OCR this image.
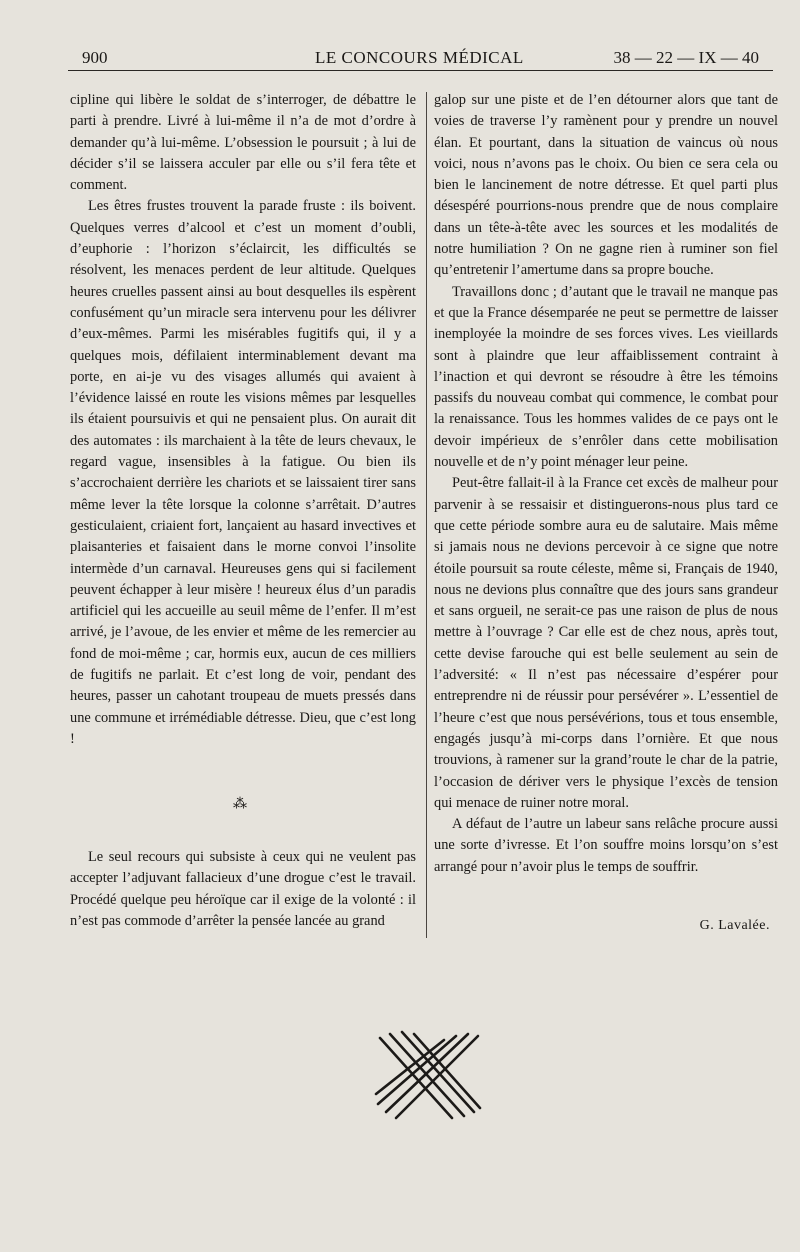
900	LE CONCOURS MÉDICAL	38 — 22 — IX — 40

cipline qui libère le soldat de s’interroger, de débattre le parti à prendre. Livré à lui-même il n’a de mot d’ordre à demander qu’à lui-même. L’obsession le poursuit ; à lui de décider s’il se laissera acculer par elle ou s’il fera tête et comment.

Les êtres frustes trouvent la parade fruste : ils boivent. Quelques verres d’alcool et c’est un moment d’oubli, d’euphorie : l’horizon s’éclaircit, les difficultés se résolvent, les menaces perdent de leur altitude. Quelques heures cruelles passent ainsi au bout desquelles ils espèrent confusément qu’un miracle sera intervenu pour les délivrer d’eux-mêmes. Parmi les misérables fugitifs qui, il y a quelques mois, défilaient interminablement devant ma porte, en ai-je vu des visages allumés qui avaient à l’évidence laissé en route les visions mêmes par lesquelles ils étaient poursuivis et qui ne pensaient plus. On aurait dit des automates : ils marchaient à la tête de leurs chevaux, le regard vague, insensibles à la fatigue. Ou bien ils s’accrochaient derrière les chariots et se laissaient tirer sans même lever la tête lorsque la colonne s’arrêtait. D’autres gesticulaient, criaient fort, lançaient au hasard invectives et plaisanteries et faisaient dans le morne convoi l’insolite intermède d’un carnaval. Heureuses gens qui si facilement peuvent échapper à leur misère ! heureux élus d’un paradis artificiel qui les accueille au seuil même de l’enfer. Il m’est arrivé, je l’avoue, de les envier et même de les remercier au fond de moi-même ; car, hormis eux, aucun de ces milliers de fugitifs ne parlait. Et c’est long de voir, pendant des heures, passer un cahotant troupeau de muets pressés dans une commune et irrémédiable détresse. Dieu, que c’est long !

⁂

Le seul recours qui subsiste à ceux qui ne veulent pas accepter l’adjuvant fallacieux d’une drogue c’est le travail. Procédé quelque peu héroïque car il exige de la volonté : il n’est pas commode d’arrêter la pensée lancée au grand

galop sur une piste et de l’en détourner alors que tant de voies de traverse l’y ramènent pour y prendre un nouvel élan. Et pourtant, dans la situation de vaincus où nous voici, nous n’avons pas le choix. Ou bien ce sera cela ou bien le lancinement de notre détresse. Et quel parti plus désespéré pourrions-nous prendre que de nous complaire dans un tête-à-tête avec les sources et les modalités de notre humiliation ? On ne gagne rien à ruminer son fiel qu’entretenir l’amertume dans sa propre bouche.

Travaillons donc ; d’autant que le travail ne manque pas et que la France désemparée ne peut se permettre de laisser inemployée la moindre de ses forces vives. Les vieillards sont à plaindre que leur affaiblissement contraint à l’inaction et qui devront se résoudre à être les témoins passifs du nouveau combat qui commence, le combat pour la renaissance. Tous les hommes valides de ce pays ont le devoir impérieux de s’enrôler dans cette mobilisation nouvelle et de n’y point ménager leur peine.

Peut-être fallait-il à la France cet excès de malheur pour parvenir à se ressaisir et distinguerons-nous plus tard ce que cette période sombre aura eu de salutaire. Mais même si jamais nous ne devions percevoir à ce signe que notre étoile poursuit sa route céleste, même si, Français de 1940, nous ne devions plus connaître que des jours sans grandeur et sans orgueil, ne serait-ce pas une raison de plus de nous mettre à l’ouvrage ? Car elle est de chez nous, après tout, cette devise farouche qui est belle seulement au sein de l’adversité: « Il n’est pas nécessaire d’espérer pour entreprendre ni de réussir pour persévérer ». L’essentiel de l’heure c’est que nous persévérions, tous et tous ensemble, engagés jusqu’à mi-corps dans l’ornière. Et que nous trouvions, à ramener sur la grand’route le char de la patrie, l’occasion de dériver vers le physique l’excès de tension qui menace de ruiner notre moral.

A défaut de l’autre un labeur sans relâche procure aussi une sorte d’ivresse. Et l’on souffre moins lorsqu’on s’est arrangé pour n’avoir plus le temps de souffrir.

G. Lavalée.
